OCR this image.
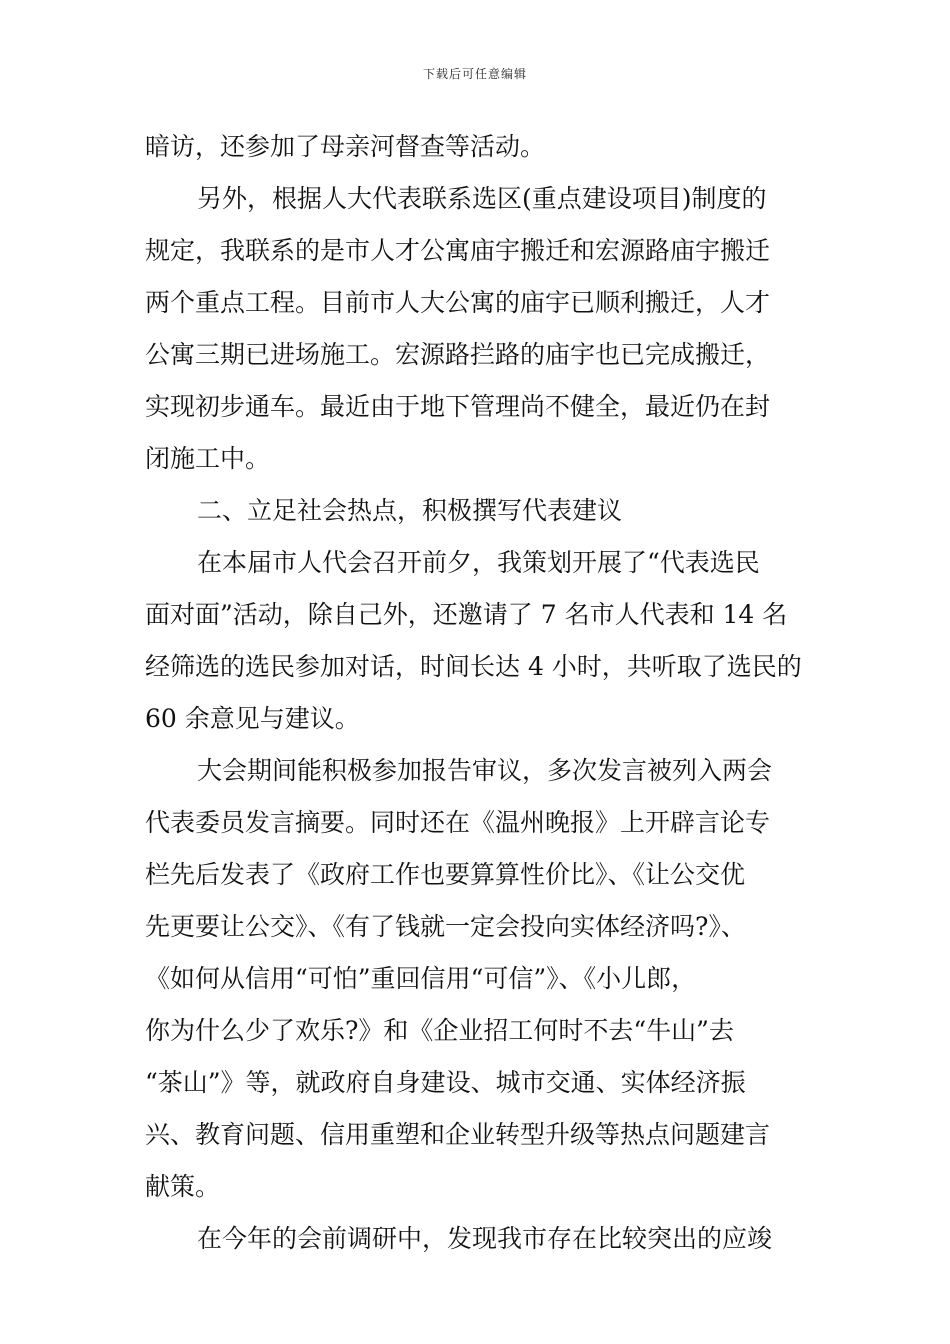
下载后可任意编辑
暗访，还参加了母亲河督查等活动。
另外，根据人大代表联系选区(重点建设项目)制度的
规定，我联系的是市人才公寓庙宇搬迁和宏源路庙宇搬迁
两个重点工程。目前市人大公寓的庙宇已顺利搬迁，人才
公寓三期已进场施工。宏源路拦路的庙宇也已完成搬迁，
实现初步通车。最近由于地下管理尚不健全，最近仍在封
闭施工中。
二、立足社会热点，积极撰写代表建议
在本届市人代会召开前夕，我策划开展了“代表选民
面对面”活动，除自己外，还邀请了 7 名市人代表和 14 名
经筛选的选民参加对话，时间长达 4 小时，共听取了选民的
60 余意见与建议。
大会期间能积极参加报告审议，多次发言被列入两会
代表委员发言摘要。同时还在《温州晚报》上开辟言论专
栏先后发表了《政府工作也要算算性价比》、《让公交优
先更要让公交》、《有了钱就一定会投向实体经济吗?》、
《如何从信用“可怕”重回信用“可信”》、《小儿郎，
你为什么少了欢乐?》和《企业招工何时不去“牛山”去
“茶山”》等，就政府自身建设、城市交通、实体经济振
兴、教育问题、信用重塑和企业转型升级等热点问题建言
献策。
在今年的会前调研中，发现我市存在比较突出的应竣
